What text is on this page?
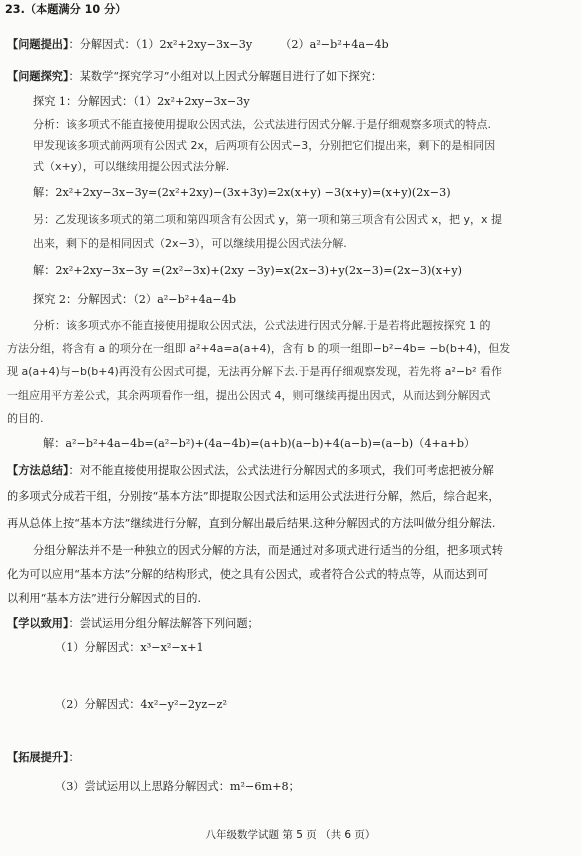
23.（本题满分 10 分）
【问题提出】：分解因式：（1）2x²+2xy−3x−3y　　　（2）a²−b²+4a−4b
【问题探究】：某数学“探究学习”小组对以上因式分解题目进行了如下探究：
探究 1：分解因式：（1）2x²+2xy−3x−3y
分析：该多项式不能直接使用提取公因式法，公式法进行因式分解.于是仔细观察多项式的特点.
甲发现该多项式前两项有公因式 2x，后两项有公因式−3，分别把它们提出来，剩下的是相同因
式（x+y），可以继续用提公因式法分解.
解：2x²+2xy−3x−3y=(2x²+2xy)−(3x+3y)=2x(x+y) −3(x+y)=(x+y)(2x−3)
另：乙发现该多项式的第二项和第四项含有公因式 y，第一项和第三项含有公因式 x，把 y，x 提
出来，剩下的是相同因式（2x−3），可以继续用提公因式法分解.
解：2x²+2xy−3x−3y =(2x²−3x)+(2xy −3y)=x(2x−3)+y(2x−3)=(2x−3)(x+y)
探究 2：分解因式：（2）a²−b²+4a−4b
分析：该多项式亦不能直接使用提取公因式法，公式法进行因式分解.于是若将此题按探究 1 的
方法分组，将含有 a 的项分在一组即 a²+4a=a(a+4)，含有 b 的项一组即−b²−4b= −b(b+4)，但发
现 a(a+4)与−b(b+4)再没有公因式可提，无法再分解下去.于是再仔细观察发现，若先将 a²−b² 看作
一组应用平方差公式，其余两项看作一组，提出公因式 4，则可继续再提出因式，从而达到分解因式
的目的.
解：a²−b²+4a−4b=(a²−b²)+(4a−4b)=(a+b)(a−b)+4(a−b)=(a−b)（4+a+b）
【方法总结】：对不能直接使用提取公因式法，公式法进行分解因式的多项式，我们可考虑把被分解
的多项式分成若干组，分别按“基本方法”即提取公因式法和运用公式法进行分解，然后，综合起来，
再从总体上按“基本方法”继续进行分解，直到分解出最后结果.这种分解因式的方法叫做分组分解法.
分组分解法并不是一种独立的因式分解的方法，而是通过对多项式进行适当的分组，把多项式转
化为可以应用“基本方法”分解的结构形式，使之具有公因式，或者符合公式的特点等，从而达到可
以利用“基本方法”进行分解因式的目的.
【学以致用】：尝试运用分组分解法解答下列问题；
（1）分解因式：x³−x²−x+1
（2）分解因式：4x²−y²−2yz−z²
【拓展提升】：
（3）尝试运用以上思路分解因式：m²−6m+8；
八年级数学试题 第 5 页 （共 6 页）
